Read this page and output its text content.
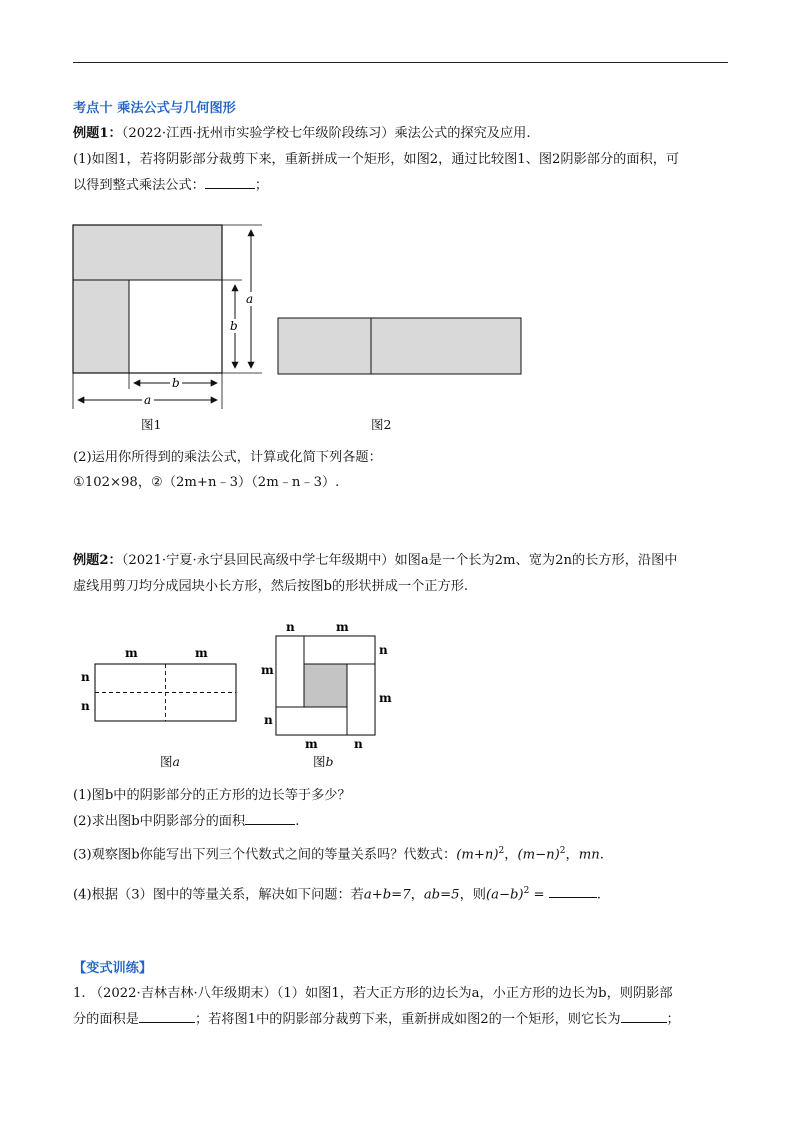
考点十 乘法公式与几何图形
例题1：（2022·江西·抚州市实验学校七年级阶段练习）乘法公式的探究及应用.
(1)如图1，若将阴影部分裁剪下来，重新拼成一个矩形，如图2，通过比较图1、图2阴影部分的面积，可
以得到整式乘法公式：	；
a
b
b
a
图1	图2
(2)运用你所得到的乘法公式，计算或化简下列各题：
①102×98，②（2m+n﹣3）（2m﹣n﹣3）.
例题2：（2021·宁夏·永宁县回民高级中学七年级期中）如图a是一个长为2m、宽为2n的长方形，沿图中
虚线用剪刀均分成园块小长方形，然后按图b的形状拼成一个正方形.
m	m
n
n
图a
n	m
m
n
m
n
m	n
图b
(1)图b中的阴影部分的正方形的边长等于多少？
(2)求出图b中阴影部分的面积	.
(3)观察图b你能写出下列三个代数式之间的等量关系吗？代数式：$(m+n)^2$，$(m-n)^2$，mn.
(4)根据（3）图中的等量关系，解决如下问题：若a+b=7，ab=5，则$(a-b)^2$ =	.
【变式训练】
1. （2022·吉林吉林·八年级期末）（1）如图1，若大正方形的边长为a，小正方形的边长为b，则阴影部
分的面积是	；若将图1中的阴影部分裁剪下来，重新拼成如图2的一个矩形，则它长为	；
